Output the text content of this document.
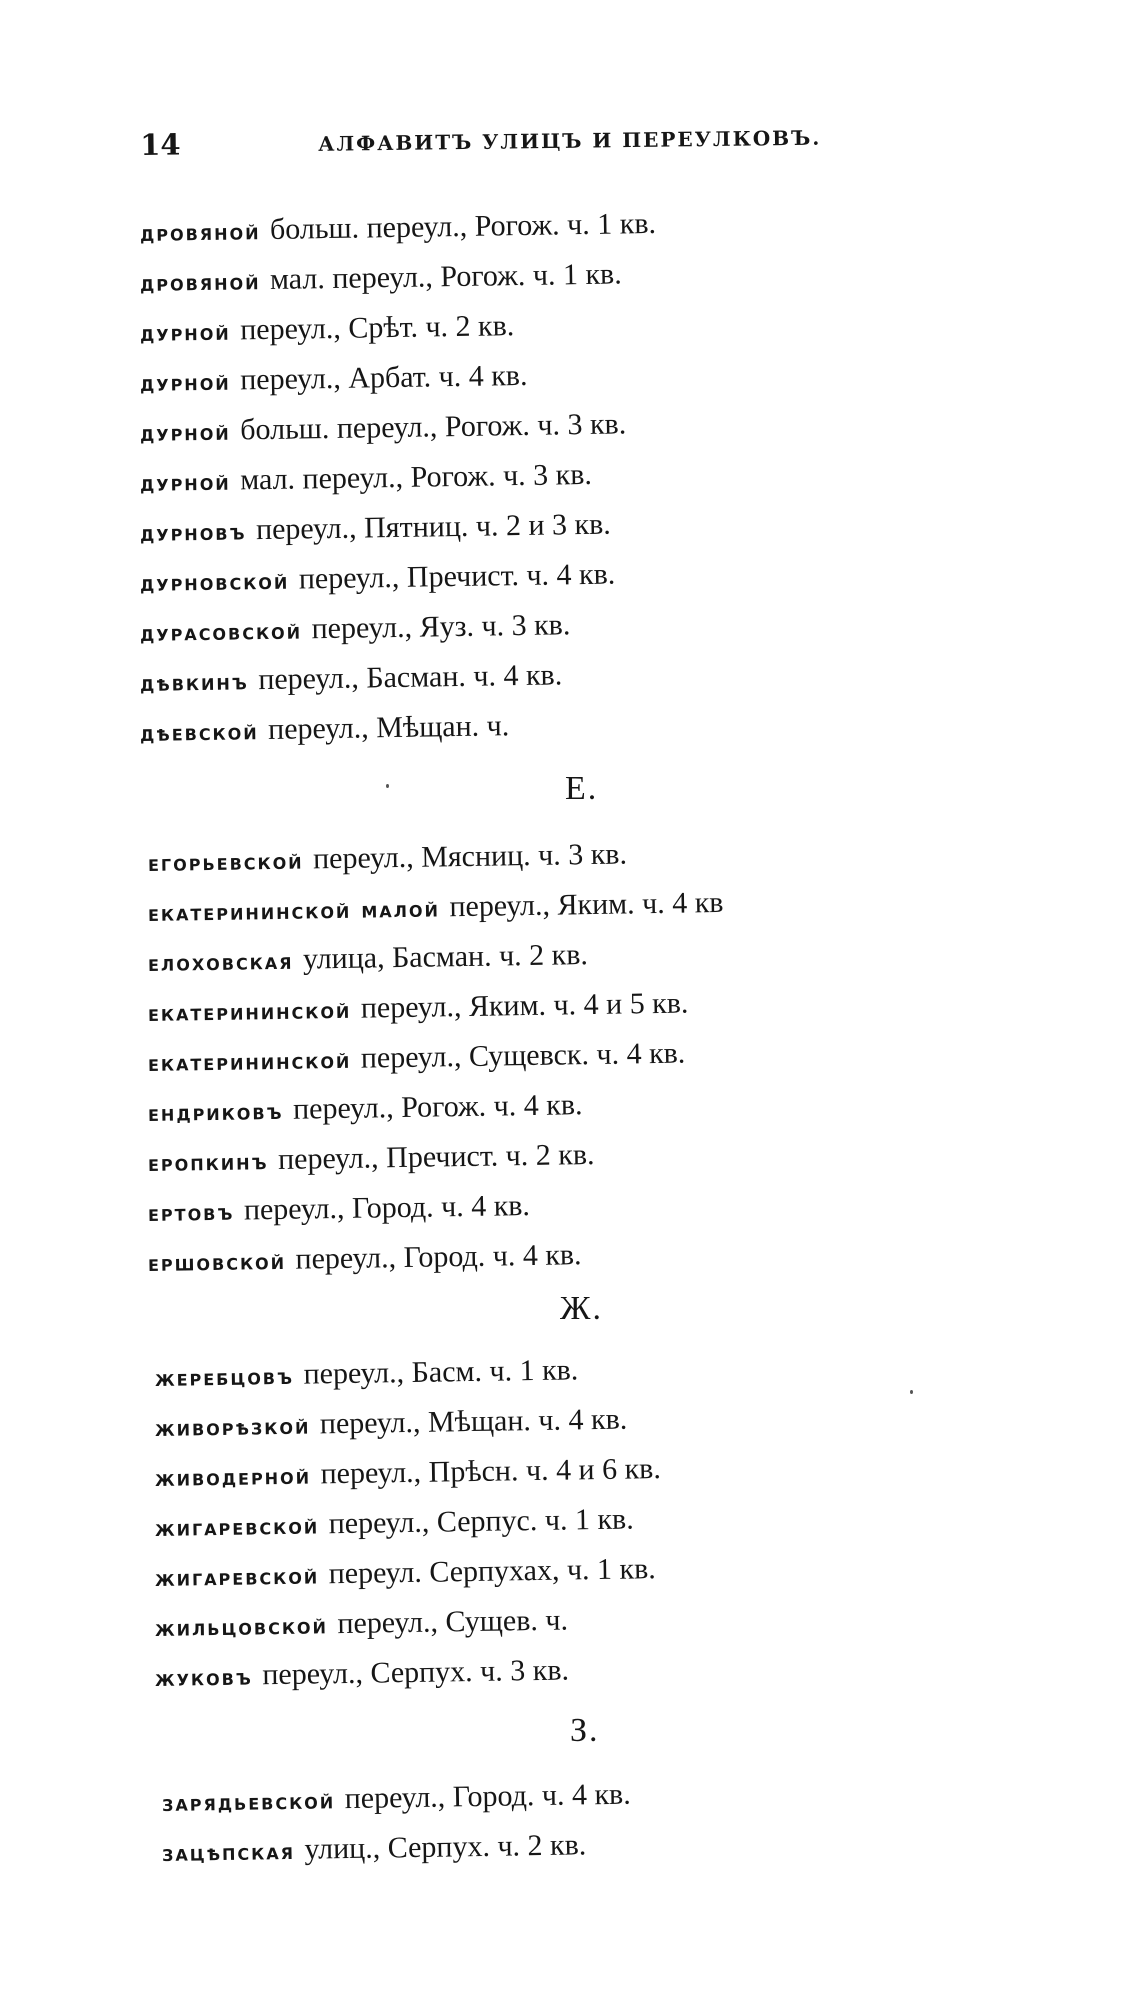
14	АЛФАВИТЪ УЛИЦЪ И ПЕРЕУЛКОВЪ.
дровяной больш. переул., Рогож. ч. 1 кв.
дровяной мал. переул., Рогож. ч. 1 кв.
дурной переул., Срѣт. ч. 2 кв.
дурной переул., Арбат. ч. 4 кв.
дурной больш. переул., Рогож. ч. 3 кв.
дурной мал. переул., Рогож. ч. 3 кв.
дурновъ переул., Пятниц. ч. 2 и 3 кв.
дурновской переул., Пречист. ч. 4 кв.
дурасовской переул., Яуз. ч. 3 кв.
дѣвкинъ переул., Басман. ч. 4 кв.
дѣевской переул., Мѣщан. ч.
Е.
егорьевской переул., Мясниц. ч. 3 кв.
екатерининской малой переул., Яким. ч. 4 кв
елоховская улица, Басман. ч. 2 кв.
екатерининской переул., Яким. ч. 4 и 5 кв.
екатерининской переул., Сущевск. ч. 4 кв.
ендриковъ переул., Рогож. ч. 4 кв.
еропкинъ переул., Пречист. ч. 2 кв.
ертовъ переул., Город. ч. 4 кв.
ершовской переул., Город. ч. 4 кв.
Ж.
жеребцовъ переул., Басм. ч. 1 кв.
живорѣзкой переул., Мѣщан. ч. 4 кв.
живодерной переул., Прѣсн. ч. 4 и 6 кв.
жигаревской переул., Серпус. ч. 1 кв.
жигаревской переул. Серпухах, ч. 1 кв.
жильцовской переул., Сущев. ч.
жуковъ переул., Серпух. ч. 3 кв.
З.
зарядьевской переул., Город. ч. 4 кв.
зацѣпская улиц., Серпух. ч. 2 кв.
